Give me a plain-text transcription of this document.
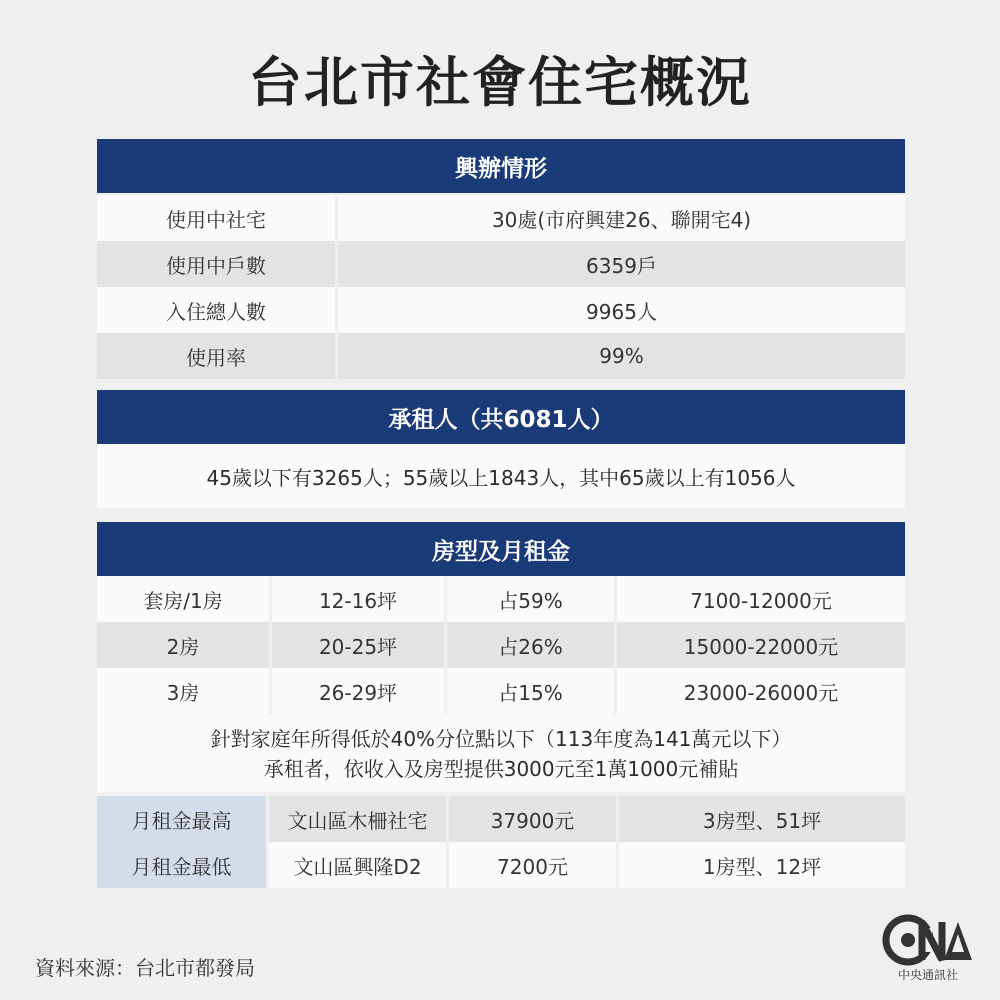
台北市社會住宅概況
興辦情形
使用中社宅	30處(市府興建26、聯開宅4)
使用中戶數	6359戶
入住總人數	9965人
使用率	99%
承租人（共6081人）
45歲以下有3265人；55歲以上1843人，其中65歲以上有1056人
房型及月租金
套房/1房	12-16坪	占59%	7100-12000元
2房	20-25坪	占26%	15000-22000元
3房	26-29坪	占15%	23000-26000元
針對家庭年所得低於40%分位點以下（113年度為141萬元以下）
承租者，依收入及房型提供3000元至1萬1000元補貼
月租金最高	文山區木柵社宅	37900元	3房型、51坪
月租金最低	文山區興隆D2	7200元	1房型、12坪
資料來源：台北市都發局	中央通訊社
